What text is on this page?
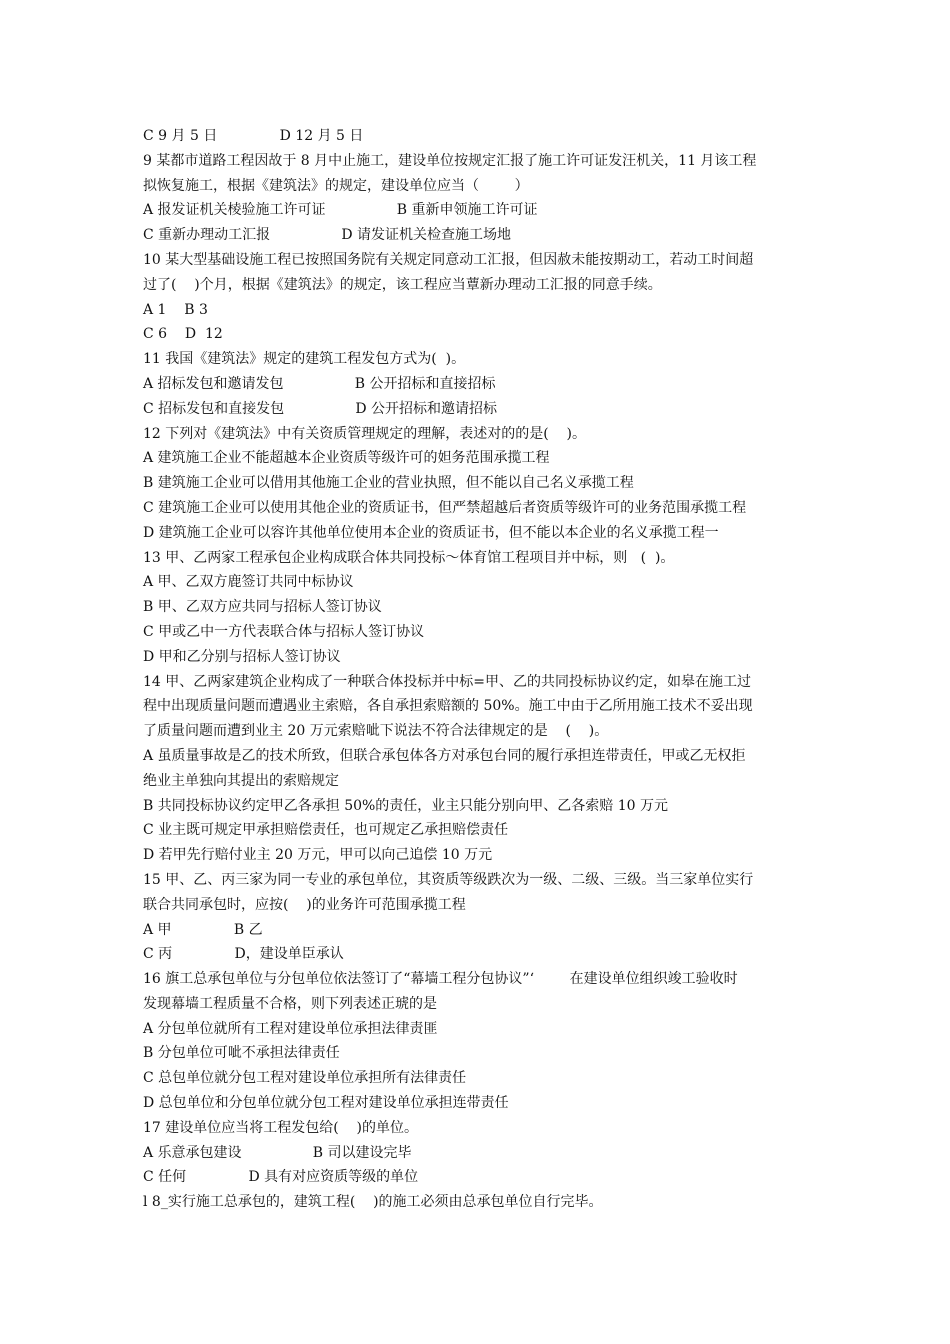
C 9 月 5 日              D 12 月 5 日
9 某都市道路工程因故于 8 月中止施工，建设单位按规定汇报了施工许可证发汪机关，11 月该工程
拟恢复施工，根据《建筑法》的规定，建设单位应当（        ）
A 报发证机关棱验施工许可证                B 重新申领施工许可证
C 重新办理动工汇报                D 请发证机关检查施工场地
10 某大型基础设施工程已按照国务院有关规定同意动工汇报，但因赦未能按期动工，若动工时间超
过了(    )个月，根据《建筑法》的规定，该工程应当蕈新办理动工汇报的同意手续。
A 1    B 3
C 6    D  12
11 我国《建筑法》规定的建筑工程发包方式为(  )。
A 招标发包和邀请发包                B 公开招标和直接招标
C 招标发包和直接发包                D 公开招标和邀请招标
12 下列对《建筑法》中有关资质管理规定的理解，表述对的的是(    )。
A 建筑施工企业不能超越本企业资质等级许可的妲务范围承揽工程
B 建筑施工企业可以借用其他施工企业的营业执照，但不能以自己名义承揽工程
C 建筑施工企业可以使用其他企业的资质证书，但严禁超越后者资质等级许可的业务范围承揽工程
D 建筑施工企业可以容许其他单位使用本企业的资质证书，但不能以本企业的名义承揽工程一
13 甲、乙两家工程承包企业构成联合体共同投标～体育馆工程项目并中标，则   (  )。
A 甲、乙双方鹿签订共同中标协议
B 甲、乙双方应共同与招标人签订协议
C 甲或乙中一方代表联合体与招标人签订协议
D 甲和乙分别与招标人签订协议
14 甲、乙两家建筑企业构成了一种联合体投标并中标=甲、乙的共同投标协议约定，如皋在施工过
程中出现质量问题而遭遇业主索赔，各自承担索赔额的 50%。施工中由于乙所用施工技术不妥出现
了质量问题而遭到业主 20 万元索赔呲下说法不符合法律规定的是    (    )。
A 虽质量事故是乙的技术所致，但联合承包体各方对承包台同的履行承担连带责任，甲或乙无权拒
绝业主单独向其提出的索赔规定
B 共同投标协议约定甲乙各承担 50%的责任，业主只能分别向甲、乙各索赔 10 万元
C 业主既可规定甲承担赔偿责任，也可规定乙承担赔偿责任
D 若甲先行赔付业主 20 万元，甲可以向己追偿 10 万元
15 甲、乙、丙三家为同一专业的承包单位，其资质等级跌次为一级、二级、三级。当三家单位实行
联合共同承包时，应按(    )的业务许可范围承揽工程
A 甲              B 乙
C 丙              D，建设单臣承认
16 旗工总承包单位与分包单位依法签订了“幕墙工程分包协议”‘        在建设单位组织竣工验收时
发现幕墙工程质量不合格，则下列表述正琥的是
A 分包单位就所有工程对建设单位承担法律责匪
B 分包单位可呲不承担法律责任
C 总包单位就分包工程对建设单位承担所有法律责任
D 总包单位和分包单位就分包工程对建设单位承担连带责任
17 建设单位应当将工程发包给(    )的单位。
A 乐意承包建设                B 司以建设完毕
C 任何              D 具有对应资质等级的单位
l 8_实行施工总承包的，建筑工程(    )的施工必须由总承包单位自行完毕。
